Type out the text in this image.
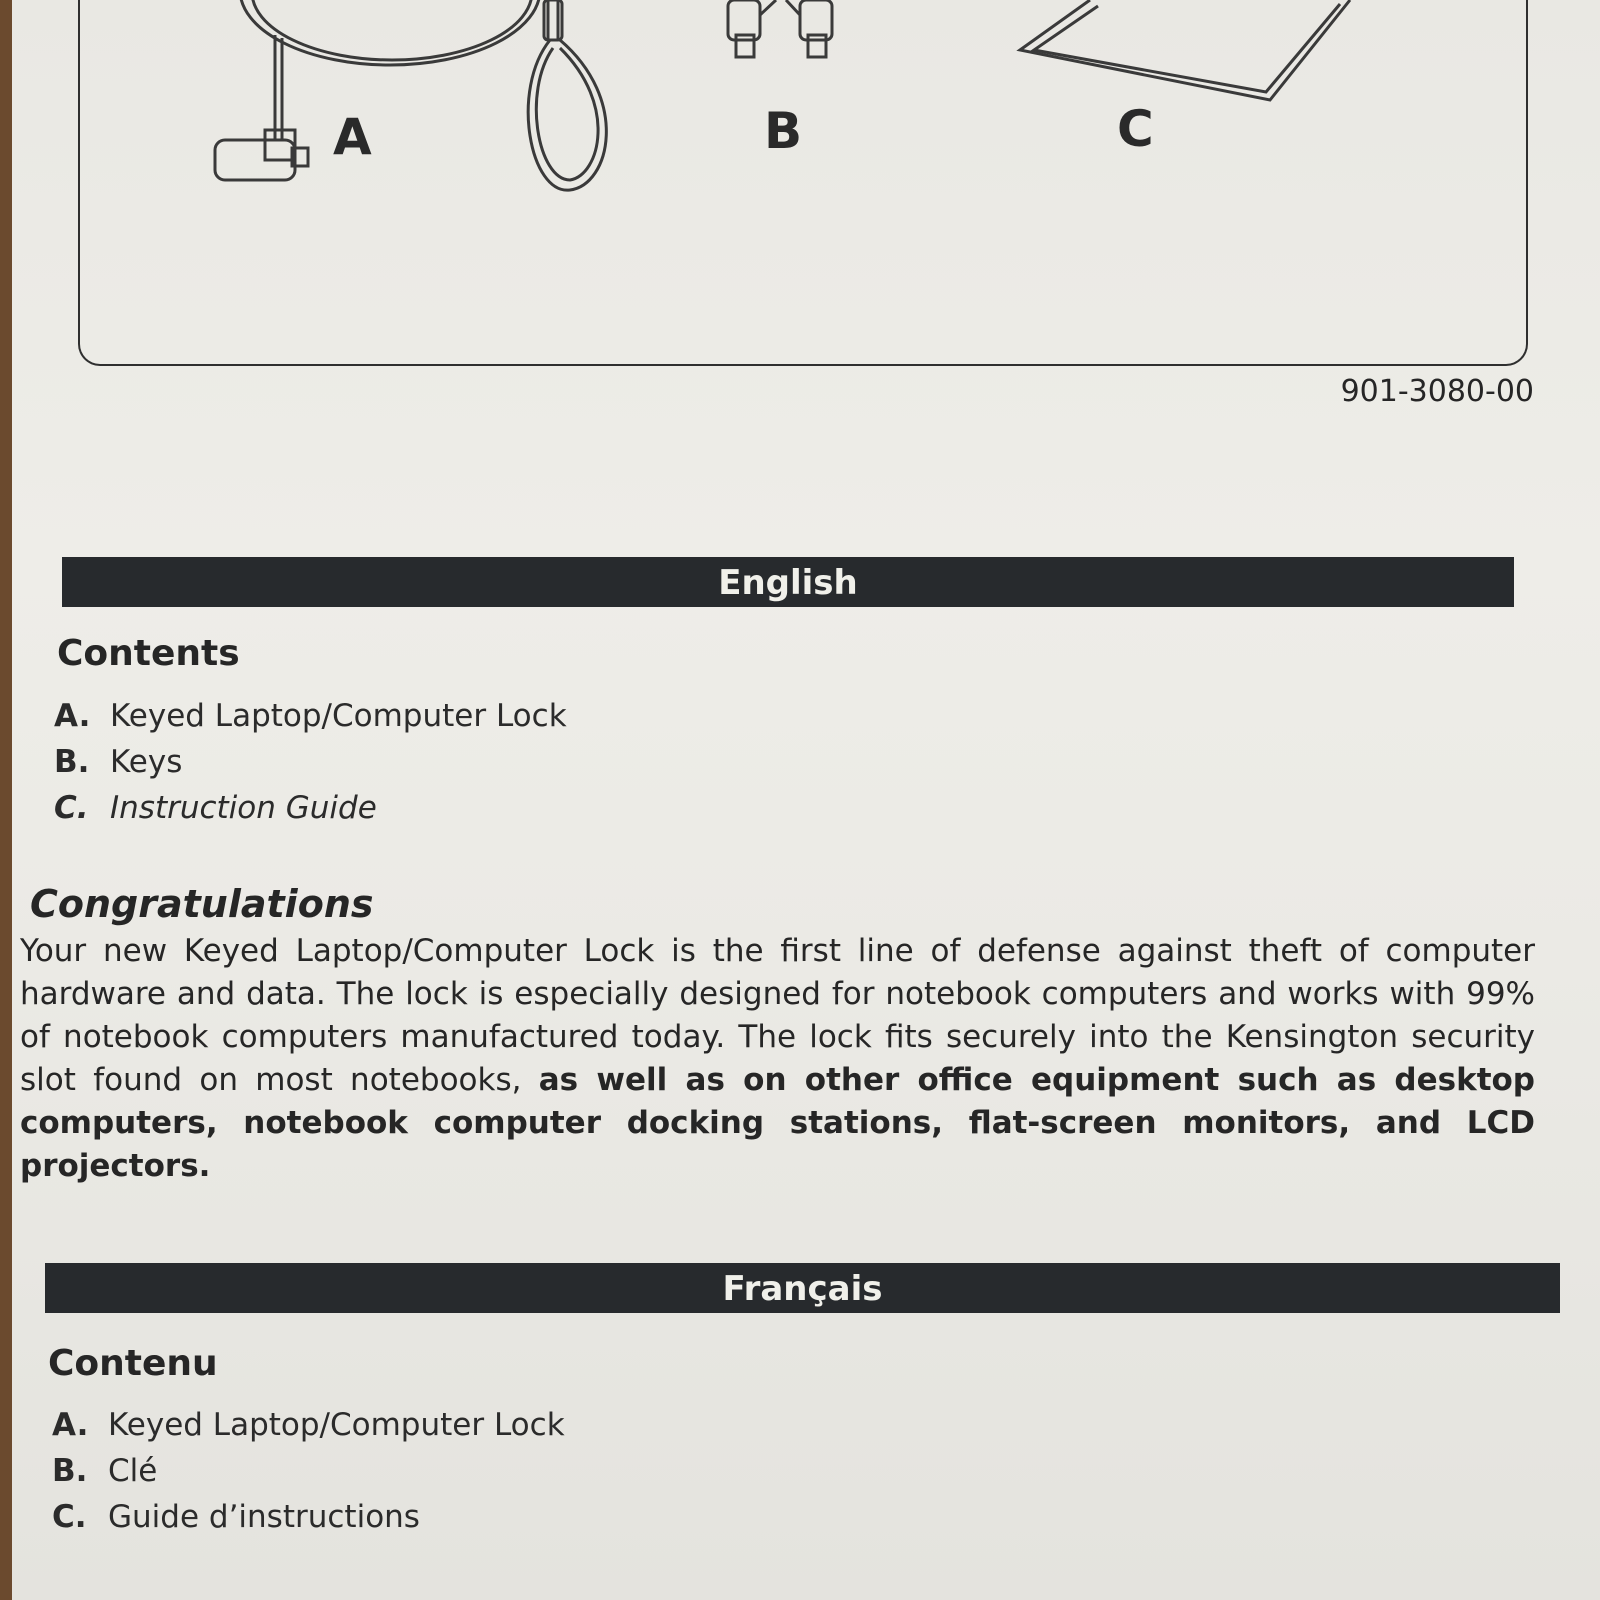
A	B	C
901-3080-00
English
Contents
A. Keyed Laptop/Computer Lock
B. Keys
C. Instruction Guide
Congratulations
Your new Keyed Laptop/Computer Lock is the first line of defense against theft of computer hardware and data. The lock is especially designed for notebook computers and works with 99% of notebook computers manufactured today. The lock fits securely into the Kensington security slot found on most notebooks, as well as on other office equipment such as desktop computers, notebook computer docking stations, flat-screen monitors, and LCD projectors.
Français
Contenu
A. Keyed Laptop/Computer Lock
B. Clé
C. Guide d’instructions
